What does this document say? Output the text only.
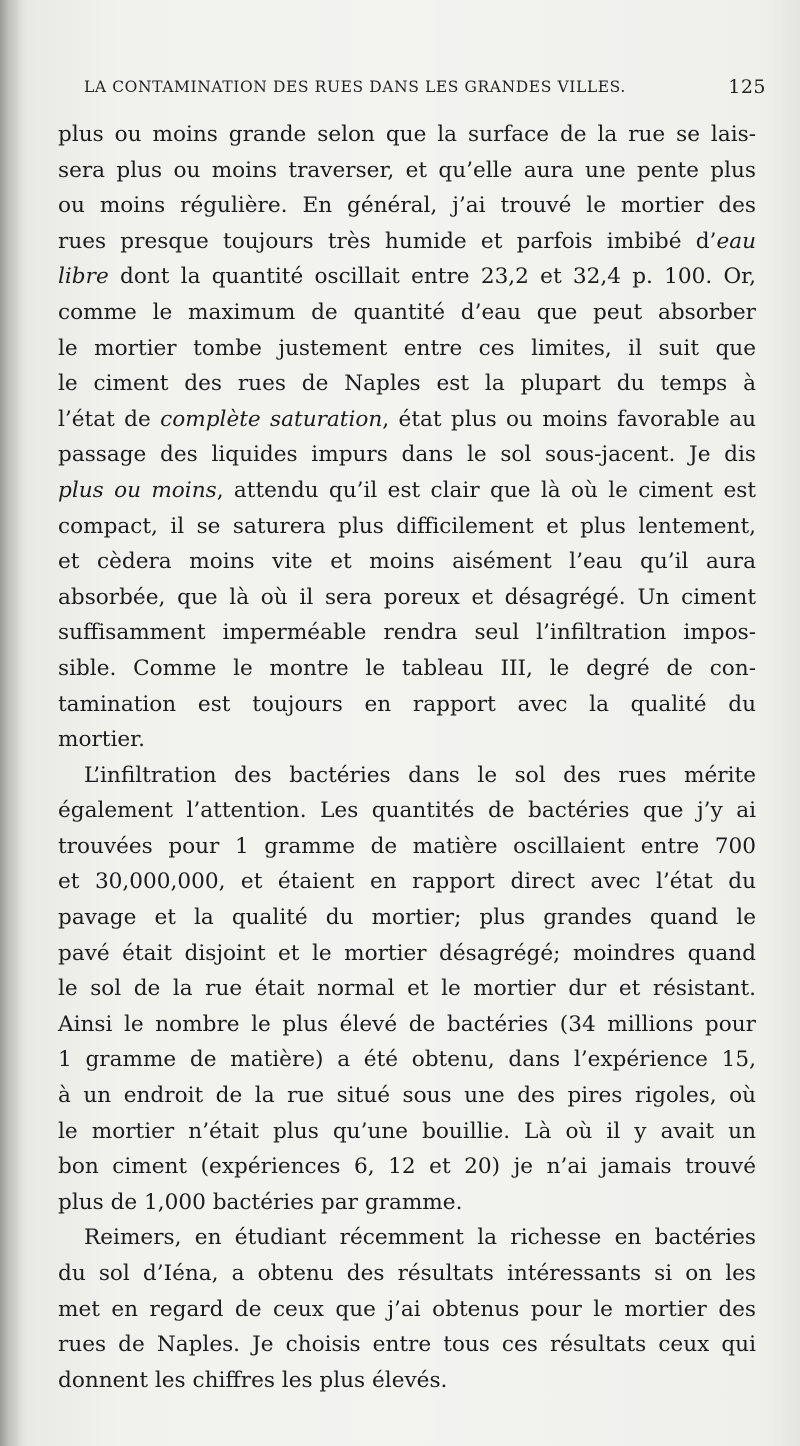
LA CONTAMINATION DES RUES DANS LES GRANDES VILLES.	125
plus ou moins grande selon que la surface de la rue se lais-
sera plus ou moins traverser, et qu’elle aura une pente plus
ou moins régulière. En général, j’ai trouvé le mortier des
rues presque toujours très humide et parfois imbibé d’eau
libre dont la quantité oscillait entre 23,2 et 32,4 p. 100. Or,
comme le maximum de quantité d’eau que peut absorber
le mortier tombe justement entre ces limites, il suit que
le ciment des rues de Naples est la plupart du temps à
l’état de complète saturation, état plus ou moins favorable au
passage des liquides impurs dans le sol sous-jacent. Je dis
plus ou moins, attendu qu’il est clair que là où le ciment est
compact, il se saturera plus difficilement et plus lentement,
et cèdera moins vite et moins aisément l’eau qu’il aura
absorbée, que là où il sera poreux et désagrégé. Un ciment
suffisamment imperméable rendra seul l’infiltration impos-
sible. Comme le montre le tableau III, le degré de con-
tamination est toujours en rapport avec la qualité du
mortier.
L’infiltration des bactéries dans le sol des rues mérite
également l’attention. Les quantités de bactéries que j’y ai
trouvées pour 1 gramme de matière oscillaient entre 700
et 30,000,000, et étaient en rapport direct avec l’état du
pavage et la qualité du mortier; plus grandes quand le
pavé était disjoint et le mortier désagrégé; moindres quand
le sol de la rue était normal et le mortier dur et résistant.
Ainsi le nombre le plus élevé de bactéries (34 millions pour
1 gramme de matière) a été obtenu, dans l’expérience 15,
à un endroit de la rue situé sous une des pires rigoles, où
le mortier n’était plus qu’une bouillie. Là où il y avait un
bon ciment (expériences 6, 12 et 20) je n’ai jamais trouvé
plus de 1,000 bactéries par gramme.
Reimers, en étudiant récemment la richesse en bactéries
du sol d’Iéna, a obtenu des résultats intéressants si on les
met en regard de ceux que j’ai obtenus pour le mortier des
rues de Naples. Je choisis entre tous ces résultats ceux qui
donnent les chiffres les plus élevés.
